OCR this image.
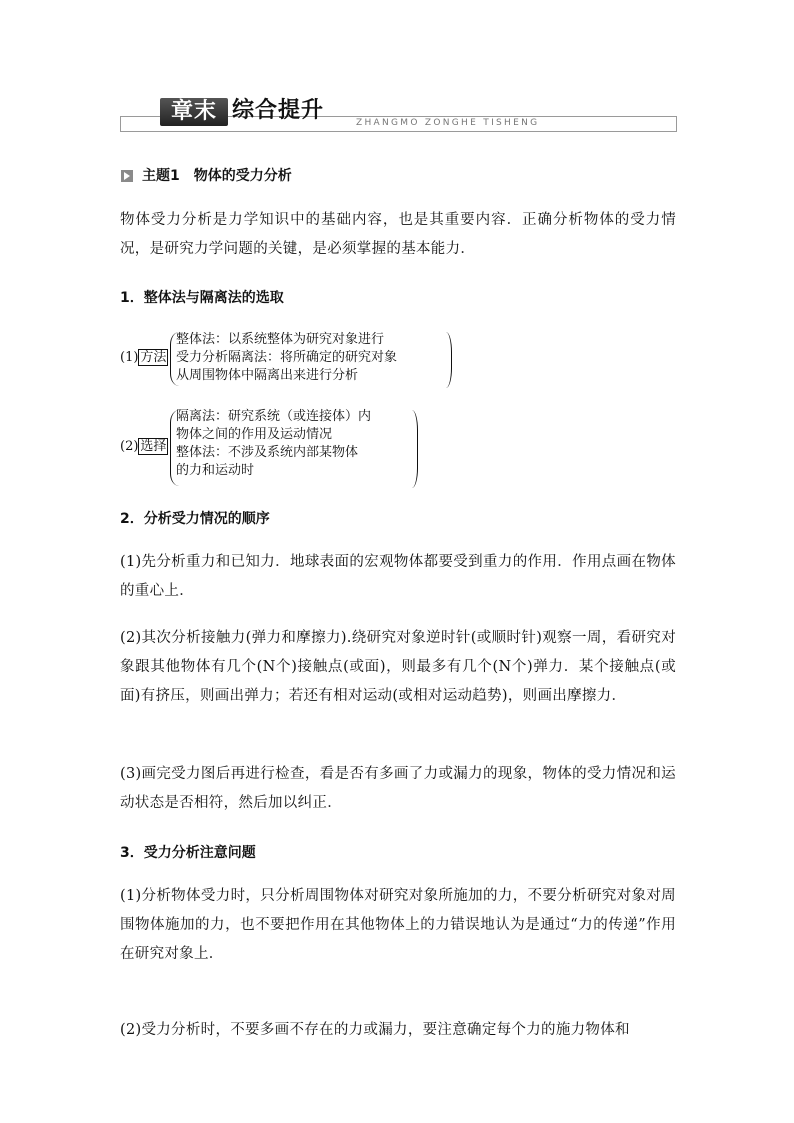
章末 综合提升	ZHANGMO ZONGHE TISHENG
主题1　物体的受力分析
物体受力分析是力学知识中的基础内容，也是其重要内容．正确分析物体的受力情况，是研究力学问题的关键，是必须掌握的基本能力．
1．整体法与隔离法的选取
(1) 方法
整体法：以系统整体为研究对象进行
受力分析隔离法：将所确定的研究对象
从周围物体中隔离出来进行分析
(2) 选择
隔离法：研究系统（或连接体）内
物体之间的作用及运动情况
整体法：不涉及系统内部某物体
的力和运动时
2．分析受力情况的顺序
(1)先分析重力和已知力．地球表面的宏观物体都要受到重力的作用．作用点画在物体的重心上．
(2)其次分析接触力(弹力和摩擦力).绕研究对象逆时针(或顺时针)观察一周，看研究对象跟其他物体有几个(N个)接触点(或面)，则最多有几个(N个)弹力．某个接触点(或面)有挤压，则画出弹力；若还有相对运动(或相对运动趋势)，则画出摩擦力．
(3)画完受力图后再进行检查，看是否有多画了力或漏力的现象，物体的受力情况和运动状态是否相符，然后加以纠正．
3．受力分析注意问题
(1)分析物体受力时，只分析周围物体对研究对象所施加的力，不要分析研究对象对周围物体施加的力，也不要把作用在其他物体上的力错误地认为是通过“力的传递”作用在研究对象上．
(2)受力分析时，不要多画不存在的力或漏力，要注意确定每个力的施力物体和
